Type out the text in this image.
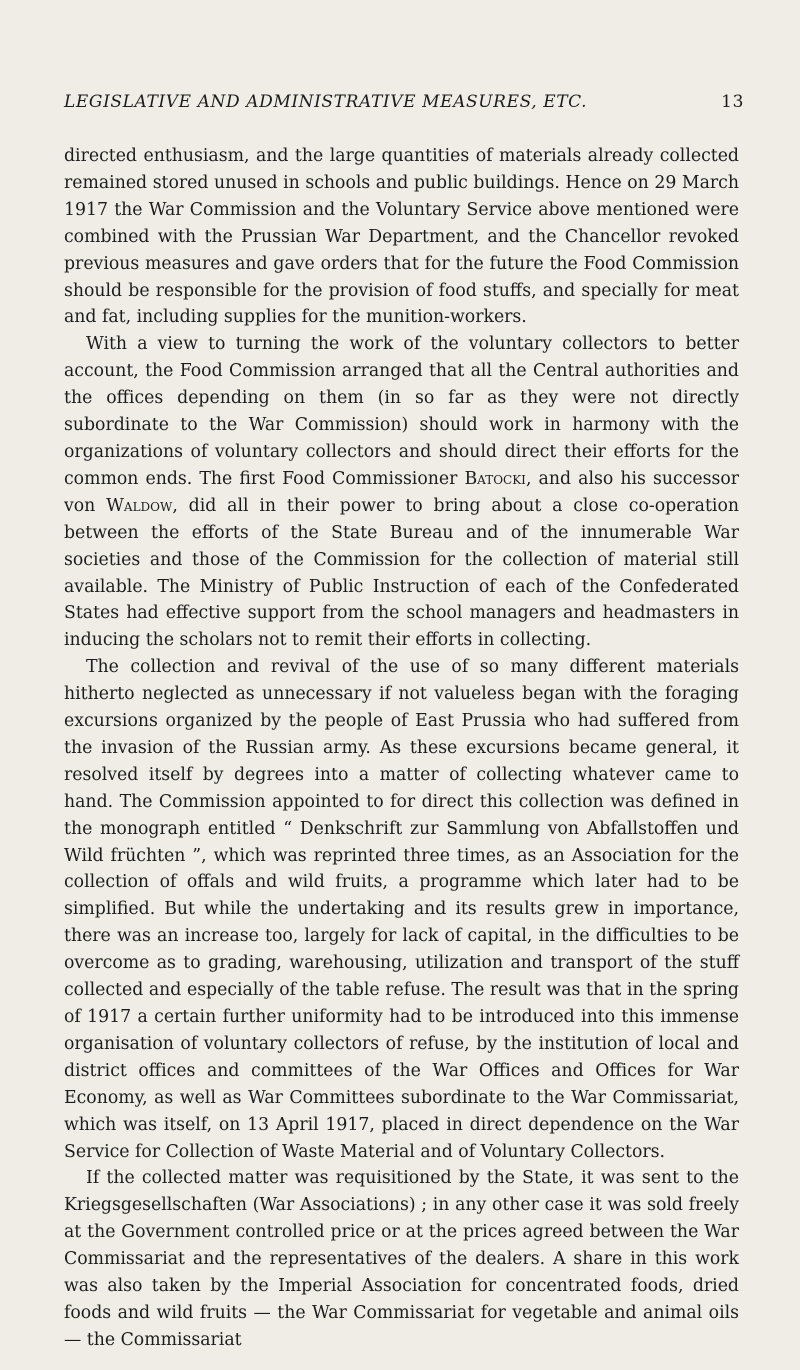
LEGISLATIVE AND ADMINISTRATIVE MEASURES, ETC.	13

directed enthusiasm, and the large quantities of materials already collected remained stored unused in schools and public buildings. Hence on 29 March 1917 the War Commission and the Voluntary Service above mentioned were combined with the Prussian War Department, and the Chancellor revoked previous measures and gave orders that for the future the Food Commission should be responsible for the provision of food stuffs, and specially for meat and fat, including supplies for the munition-workers.

With a view to turning the work of the voluntary collectors to better account, the Food Commission arranged that all the Central authorities and the offices depending on them (in so far as they were not directly subordinate to the War Commission) should work in harmony with the organizations of voluntary collectors and should direct their efforts for the common ends. The first Food Commissioner Batocki, and also his successor von Waldow, did all in their power to bring about a close co-operation between the efforts of the State Bureau and of the innumerable War societies and those of the Commission for the collection of material still available. The Ministry of Public Instruction of each of the Confederated States had effective support from the school managers and headmasters in inducing the scholars not to remit their efforts in collecting.

The collection and revival of the use of so many different materials hitherto neglected as unnecessary if not valueless began with the foraging excursions organized by the people of East Prussia who had suffered from the invasion of the Russian army. As these excursions became general, it resolved itself by degrees into a matter of collecting whatever came to hand. The Commission appointed to for direct this collection was defined in the monograph entitled “ Denkschrift zur Sammlung von Abfallstoffen und Wild früchten ”, which was reprinted three times, as an Association for the collection of offals and wild fruits, a programme which later had to be simplified. But while the undertaking and its results grew in importance, there was an increase too, largely for lack of capital, in the difficulties to be overcome as to grading, warehousing, utilization and transport of the stuff collected and especially of the table refuse. The result was that in the spring of 1917 a certain further uniformity had to be introduced into this immense organisation of voluntary collectors of refuse, by the institution of local and district offices and committees of the War Offices and Offices for War Economy, as well as War Committees subordinate to the War Commissariat, which was itself, on 13 April 1917, placed in direct dependence on the War Service for Collection of Waste Material and of Voluntary Collectors.

If the collected matter was requisitioned by the State, it was sent to the Kriegsgesellschaften (War Associations) ; in any other case it was sold freely at the Government controlled price or at the prices agreed between the War Commissariat and the representatives of the dealers. A share in this work was also taken by the Imperial Association for concentrated foods, dried foods and wild fruits — the War Commissariat for vegetable and animal oils — the Commissariat
